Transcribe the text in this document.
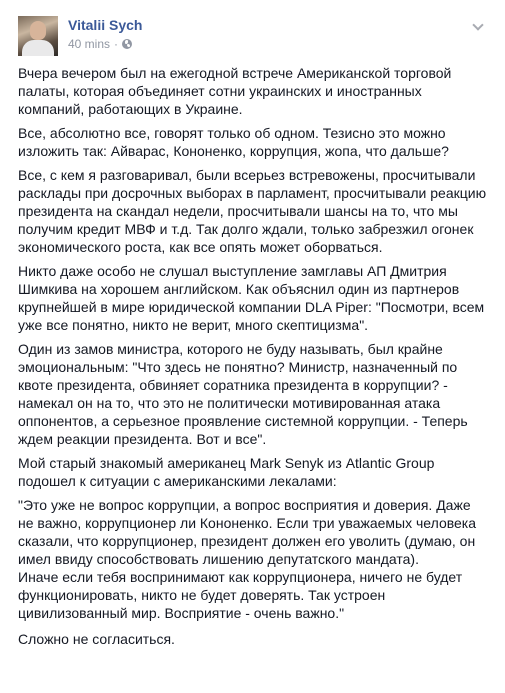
Vitalii Sych
40 mins ·

Вчера вечером был на ежегодной встрече Американской торговой палаты, которая объединяет сотни украинских и иностранных компаний, работающих в Украине.

Все, абсолютно все, говорят только об одном. Тезисно это можно изложить так: Айварас, Кононенко, коррупция, жопа, что дальше?

Все, с кем я разговаривал, были всерьез встревожены, просчитывали расклады при досрочных выборах в парламент, просчитывали реакцию президента на скандал недели, просчитывали шансы на то, что мы получим кредит МВФ и т.д. Так долго ждали, только забрезжил огонек экономического роста, как все опять может оборваться.

Никто даже особо не слушал выступление замглавы АП Дмитрия Шимкива на хорошем английском. Как объяснил один из партнеров крупнейшей в мире юридической компании DLA Piper: "Посмотри, всем уже все понятно, никто не верит, много скептицизма".

Один из замов министра, которого не буду называть, был крайне эмоциональным: "Что здесь не понятно? Министр, назначенный по квоте президента, обвиняет соратника президента в коррупции? - намекал он на то, что это не политически мотивированная атака оппонентов, а серьезное проявление системной коррупции. - Теперь ждем реакции президента. Вот и все".

Мой старый знакомый американец Mark Senyk из Atlantic Group подошел к ситуации с американскими лекалами:

"Это уже не вопрос коррупции, а вопрос восприятия и доверия. Даже не важно, коррупционер ли Кононенко. Если три уважаемых человека сказали, что коррупционер, президент должен его уволить (думаю, он имел ввиду способствовать лишению депутатского мандата).

Иначе если тебя воспринимают как коррупционера, ничего не будет функционировать, никто не будет доверять. Так устроен цивилизованный мир. Восприятие - очень важно."

Сложно не согласиться.
